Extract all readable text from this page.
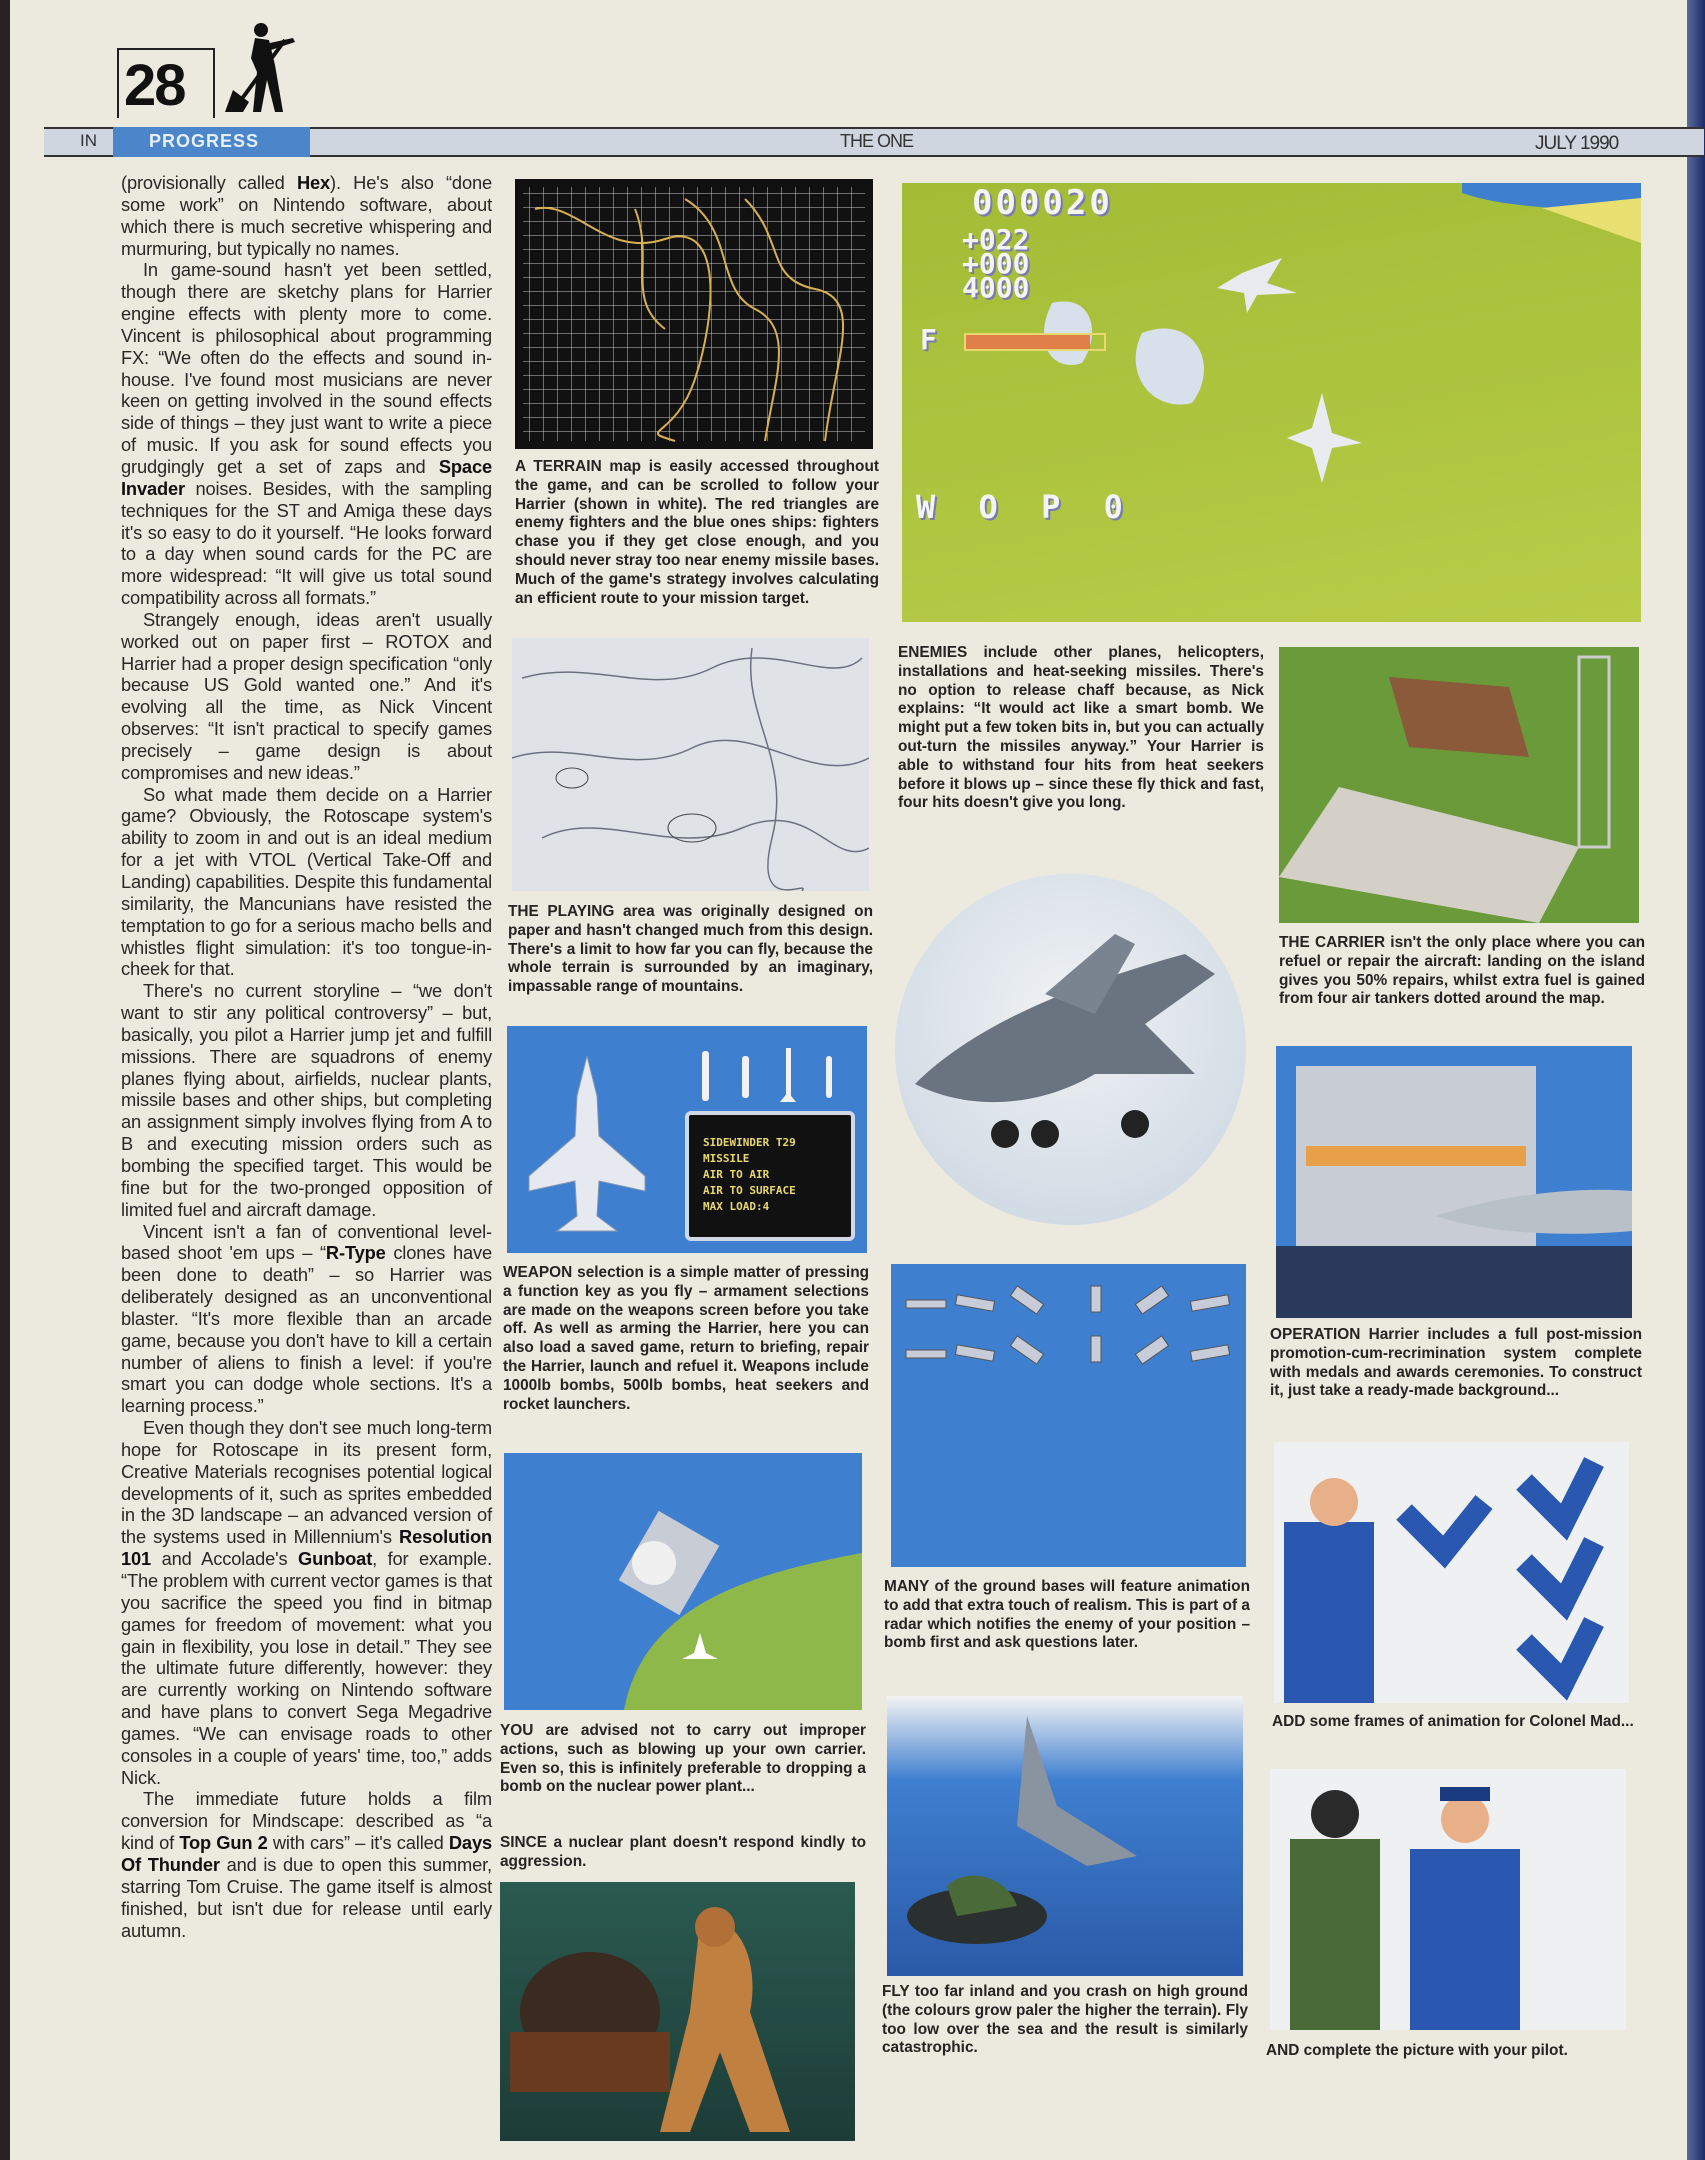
28
IN	PROGRESS	THE ONE	JULY 1990

(provisionally called Hex). He's also “done some work” on Nintendo software, about which there is much secretive whispering and murmuring, but typically no names.

In game-sound hasn't yet been settled, though there are sketchy plans for Harrier engine effects with plenty more to come. Vincent is philosophical about programming FX: “We often do the effects and sound in-house. I've found most musicians are never keen on getting involved in the sound effects side of things – they just want to write a piece of music. If you ask for sound effects you grudgingly get a set of zaps and Space Invader noises. Besides, with the sampling techniques for the ST and Amiga these days it's so easy to do it yourself. “He looks forward to a day when sound cards for the PC are more widespread: “It will give us total sound compatibility across all formats.”

Strangely enough, ideas aren't usually worked out on paper first – ROTOX and Harrier had a proper design specification “only because US Gold wanted one.” And it's evolving all the time, as Nick Vincent observes: “It isn't practical to specify games precisely – game design is about compromises and new ideas.”

So what made them decide on a Harrier game? Obviously, the Rotoscape system's ability to zoom in and out is an ideal medium for a jet with VTOL (Vertical Take-Off and Landing) capabilities. Despite this fundamental similarity, the Mancunians have resisted the temptation to go for a serious macho bells and whistles flight simulation: it's too tongue-in-cheek for that.

There's no current storyline – “we don't want to stir any political controversy” – but, basically, you pilot a Harrier jump jet and fulfill missions. There are squadrons of enemy planes flying about, airfields, nuclear plants, missile bases and other ships, but completing an assignment simply involves flying from A to B and executing mission orders such as bombing the specified target. This would be fine but for the two-pronged opposition of limited fuel and aircraft damage.

Vincent isn't a fan of conventional level-based shoot 'em ups – “R-Type clones have been done to death” – so Harrier was deliberately designed as an unconventional blaster. “It's more flexible than an arcade game, because you don't have to kill a certain number of aliens to finish a level: if you're smart you can dodge whole sections. It's a learning process.”

Even though they don't see much long-term hope for Rotoscape in its present form, Creative Materials recognises potential logical developments of it, such as sprites embedded in the 3D landscape – an advanced version of the systems used in Millennium's Resolution 101 and Accolade's Gunboat, for example. “The problem with current vector games is that you sacrifice the speed you find in bitmap games for freedom of movement: what you gain in flexibility, you lose in detail.” They see the ultimate future differently, however: they are currently working on Nintendo software and have plans to convert Sega Megadrive games. “We can envisage roads to other consoles in a couple of years' time, too,” adds Nick.

The immediate future holds a film conversion for Mindscape: described as “a kind of Top Gun 2 with cars” – it's called Days Of Thunder and is due to open this summer, starring Tom Cruise. The game itself is almost finished, but isn't due for release until early autumn.

A TERRAIN map is easily accessed throughout the game, and can be scrolled to follow your Harrier (shown in white). The red triangles are enemy fighters and the blue ones ships: fighters chase you if they get close enough, and you should never stray too near enemy missile bases. Much of the game's strategy involves calculating an efficient route to your mission target.
THE PLAYING area was originally designed on paper and hasn't changed much from this design. There's a limit to how far you can fly, because the whole terrain is surrounded by an imaginary, impassable range of mountains.
SIDEWINDER T29 MISSILE
AIR TO AIR
AIR TO SURFACE
MAX LOAD:4
WEAPON selection is a simple matter of pressing a function key as you fly – armament selections are made on the weapons screen before you take off. As well as arming the Harrier, here you can also load a saved game, return to briefing, repair the Harrier, launch and refuel it. Weapons include 1000lb bombs, 500lb bombs, heat seekers and rocket launchers.
YOU are advised not to carry out improper actions, such as blowing up your own carrier. Even so, this is infinitely preferable to dropping a bomb on the nuclear power plant...
SINCE a nuclear plant doesn't respond kindly to aggression.
000020
+022
+000
4000
F
W O P 0
ENEMIES include other planes, helicopters, installations and heat-seeking missiles. There's no option to release chaff because, as Nick explains: “It would act like a smart bomb. We might put a few token bits in, but you can actually out-turn the missiles anyway.” Your Harrier is able to withstand four hits from heat seekers before it blows up – since these fly thick and fast, four hits doesn't give you long.
MANY of the ground bases will feature animation to add that extra touch of realism. This is part of a radar which notifies the enemy of your position – bomb first and ask questions later.
FLY too far inland and you crash on high ground (the colours grow paler the higher the terrain). Fly too low over the sea and the result is similarly catastrophic.
THE CARRIER isn't the only place where you can refuel or repair the aircraft: landing on the island gives you 50% repairs, whilst extra fuel is gained from four air tankers dotted around the map.
OPERATION Harrier includes a full post-mission promotion-cum-recrimination system complete with medals and awards ceremonies. To construct it, just take a ready-made background...
ADD some frames of animation for Colonel Mad...
AND complete the picture with your pilot.
